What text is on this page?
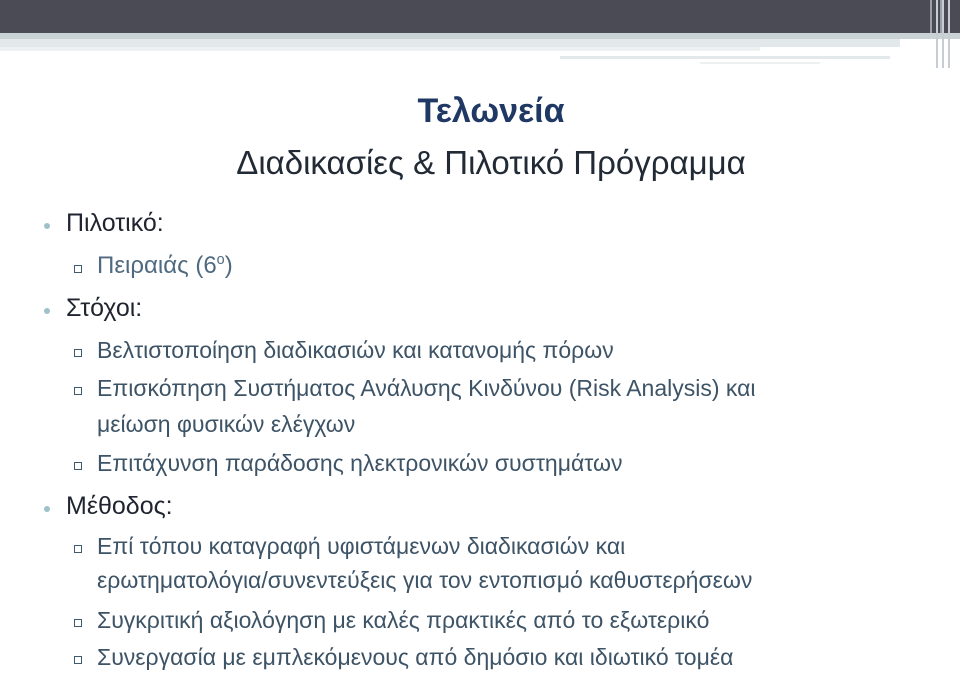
Τελωνεία
Διαδικασίες & Πιλοτικό Πρόγραμμα
Πιλοτικό:
Πειραιάς $(6^o)$
Στόχοι:
Βελτιστοποίηση διαδικασιών και κατανομής πόρων
Επισκόπηση Συστήματος Ανάλυσης Κινδύνου (Risk Analysis) και
μείωση φυσικών ελέγχων
Επιτάχυνση παράδοσης ηλεκτρονικών συστημάτων
Μέθοδος:
Επί τόπου καταγραφή υφιστάμενων διαδικασιών και
ερωτηματολόγια/συνεντεύξεις για τον εντοπισμό καθυστερήσεων
Συγκριτική αξιολόγηση με καλές πρακτικές από το εξωτερικό
Συνεργασία με εμπλεκόμενους από δημόσιο και ιδιωτικό τομέα
